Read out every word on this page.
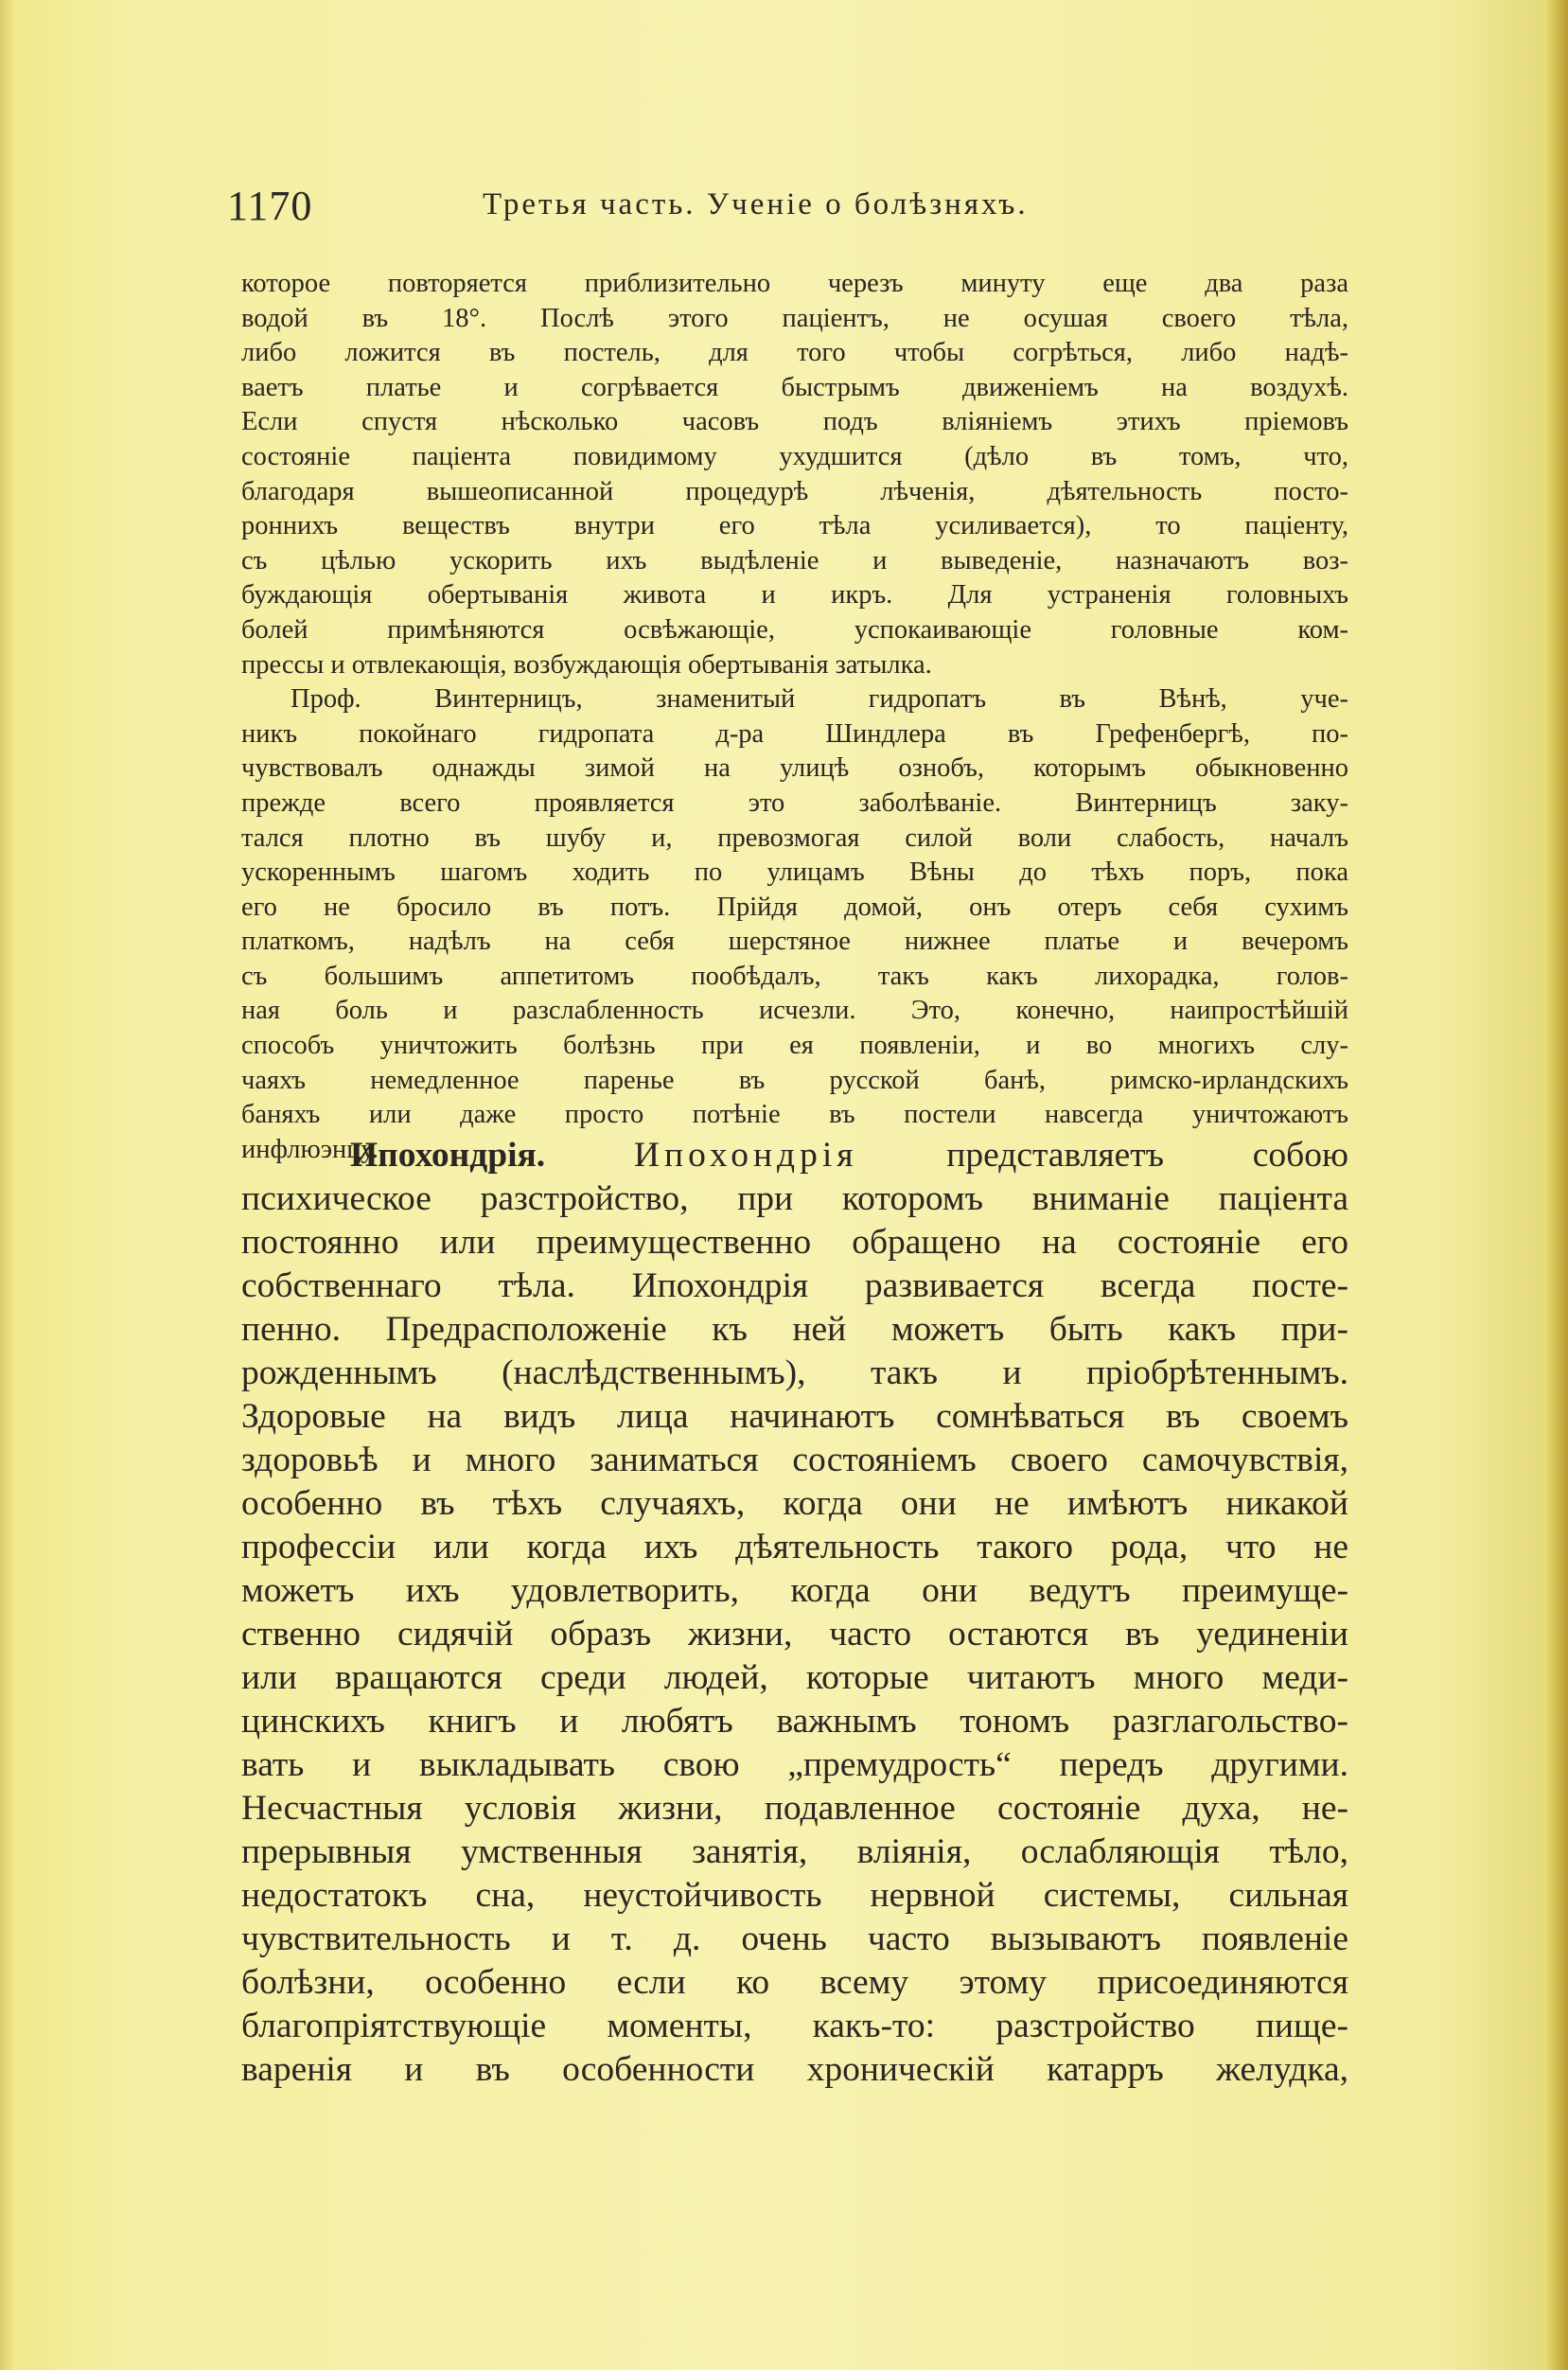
1170	Третья часть. Ученіе о болѣзняхъ.
которое повторяется приблизительно черезъ минуту еще два раза
водой въ 18°. Послѣ этого паціентъ, не осушая своего тѣла,
либо ложится въ постель, для того чтобы согрѣться, либо надѣ-
ваетъ платье и согрѣвается быстрымъ движеніемъ на воздухѣ.
Если спустя нѣсколько часовъ подъ вліяніемъ этихъ пріемовъ
состояніе паціента повидимому ухудшится (дѣло въ томъ, что,
благодаря вышеописанной процедурѣ лѣченія, дѣятельность посто-
роннихъ веществъ внутри его тѣла усиливается), то паціенту,
съ цѣлью ускорить ихъ выдѣленіе и выведеніе, назначаютъ воз-
буждающія обертыванія живота и икръ. Для устраненія головныхъ
болей примѣняются освѣжающіе, успокаивающіе головные ком-
прессы и отвлекающія, возбуждающія обертыванія затылка.
Проф. Винтерницъ, знаменитый гидропатъ въ Вѣнѣ, уче-
никъ покойнаго гидропата д-ра Шиндлера въ Грефенбергѣ, по-
чувствовалъ однажды зимой на улицѣ ознобъ, которымъ обыкновенно
прежде всего проявляется это заболѣваніе. Винтерницъ заку-
тался плотно въ шубу и, превозмогая силой воли слабость, началъ
ускореннымъ шагомъ ходить по улицамъ Вѣны до тѣхъ поръ, пока
его не бросило въ потъ. Прійдя домой, онъ отеръ себя сухимъ
платкомъ, надѣлъ на себя шерстяное нижнее платье и вечеромъ
съ большимъ аппетитомъ пообѣдалъ, такъ какъ лихорадка, голов-
ная боль и разслабленность исчезли. Это, конечно, наипростѣйшій
способъ уничтожить болѣзнь при ея появленіи, и во многихъ слу-
чаяхъ немедленное паренье въ русской банѣ, римско-ирландскихъ
баняхъ или даже просто потѣніе въ постели навсегда уничтожаютъ
инфлюэнцу.
Ипохондрія. Ипохондрія представляетъ собою
психическое разстройство, при которомъ вниманіе паціента
постоянно или преимущественно обращено на состояніе его
собственнаго тѣла. Ипохондрія развивается всегда посте-
пенно. Предрасположеніе къ ней можетъ быть какъ при-
рожденнымъ (наслѣдственнымъ), такъ и пріобрѣтеннымъ.
Здоровые на видъ лица начинаютъ сомнѣваться въ своемъ
здоровьѣ и много заниматься состояніемъ своего самочувствія,
особенно въ тѣхъ случаяхъ, когда они не имѣютъ никакой
профессіи или когда ихъ дѣятельность такого рода, что не
можетъ ихъ удовлетворить, когда они ведутъ преимуще-
ственно сидячій образъ жизни, часто остаются въ уединеніи
или вращаются среди людей, которые читаютъ много меди-
цинскихъ книгъ и любятъ важнымъ тономъ разглагольство-
вать и выкладывать свою „премудрость“ передъ другими.
Несчастныя условія жизни, подавленное состояніе духа, не-
прерывныя умственныя занятія, вліянія, ослабляющія тѣло,
недостатокъ сна, неустойчивость нервной системы, сильная
чувствительность и т. д. очень часто вызываютъ появленіе
болѣзни, особенно если ко всему этому присоединяются
благопріятствующіе моменты, какъ-то: разстройство пище-
варенія и въ особенности хроническій катарръ желудка,
